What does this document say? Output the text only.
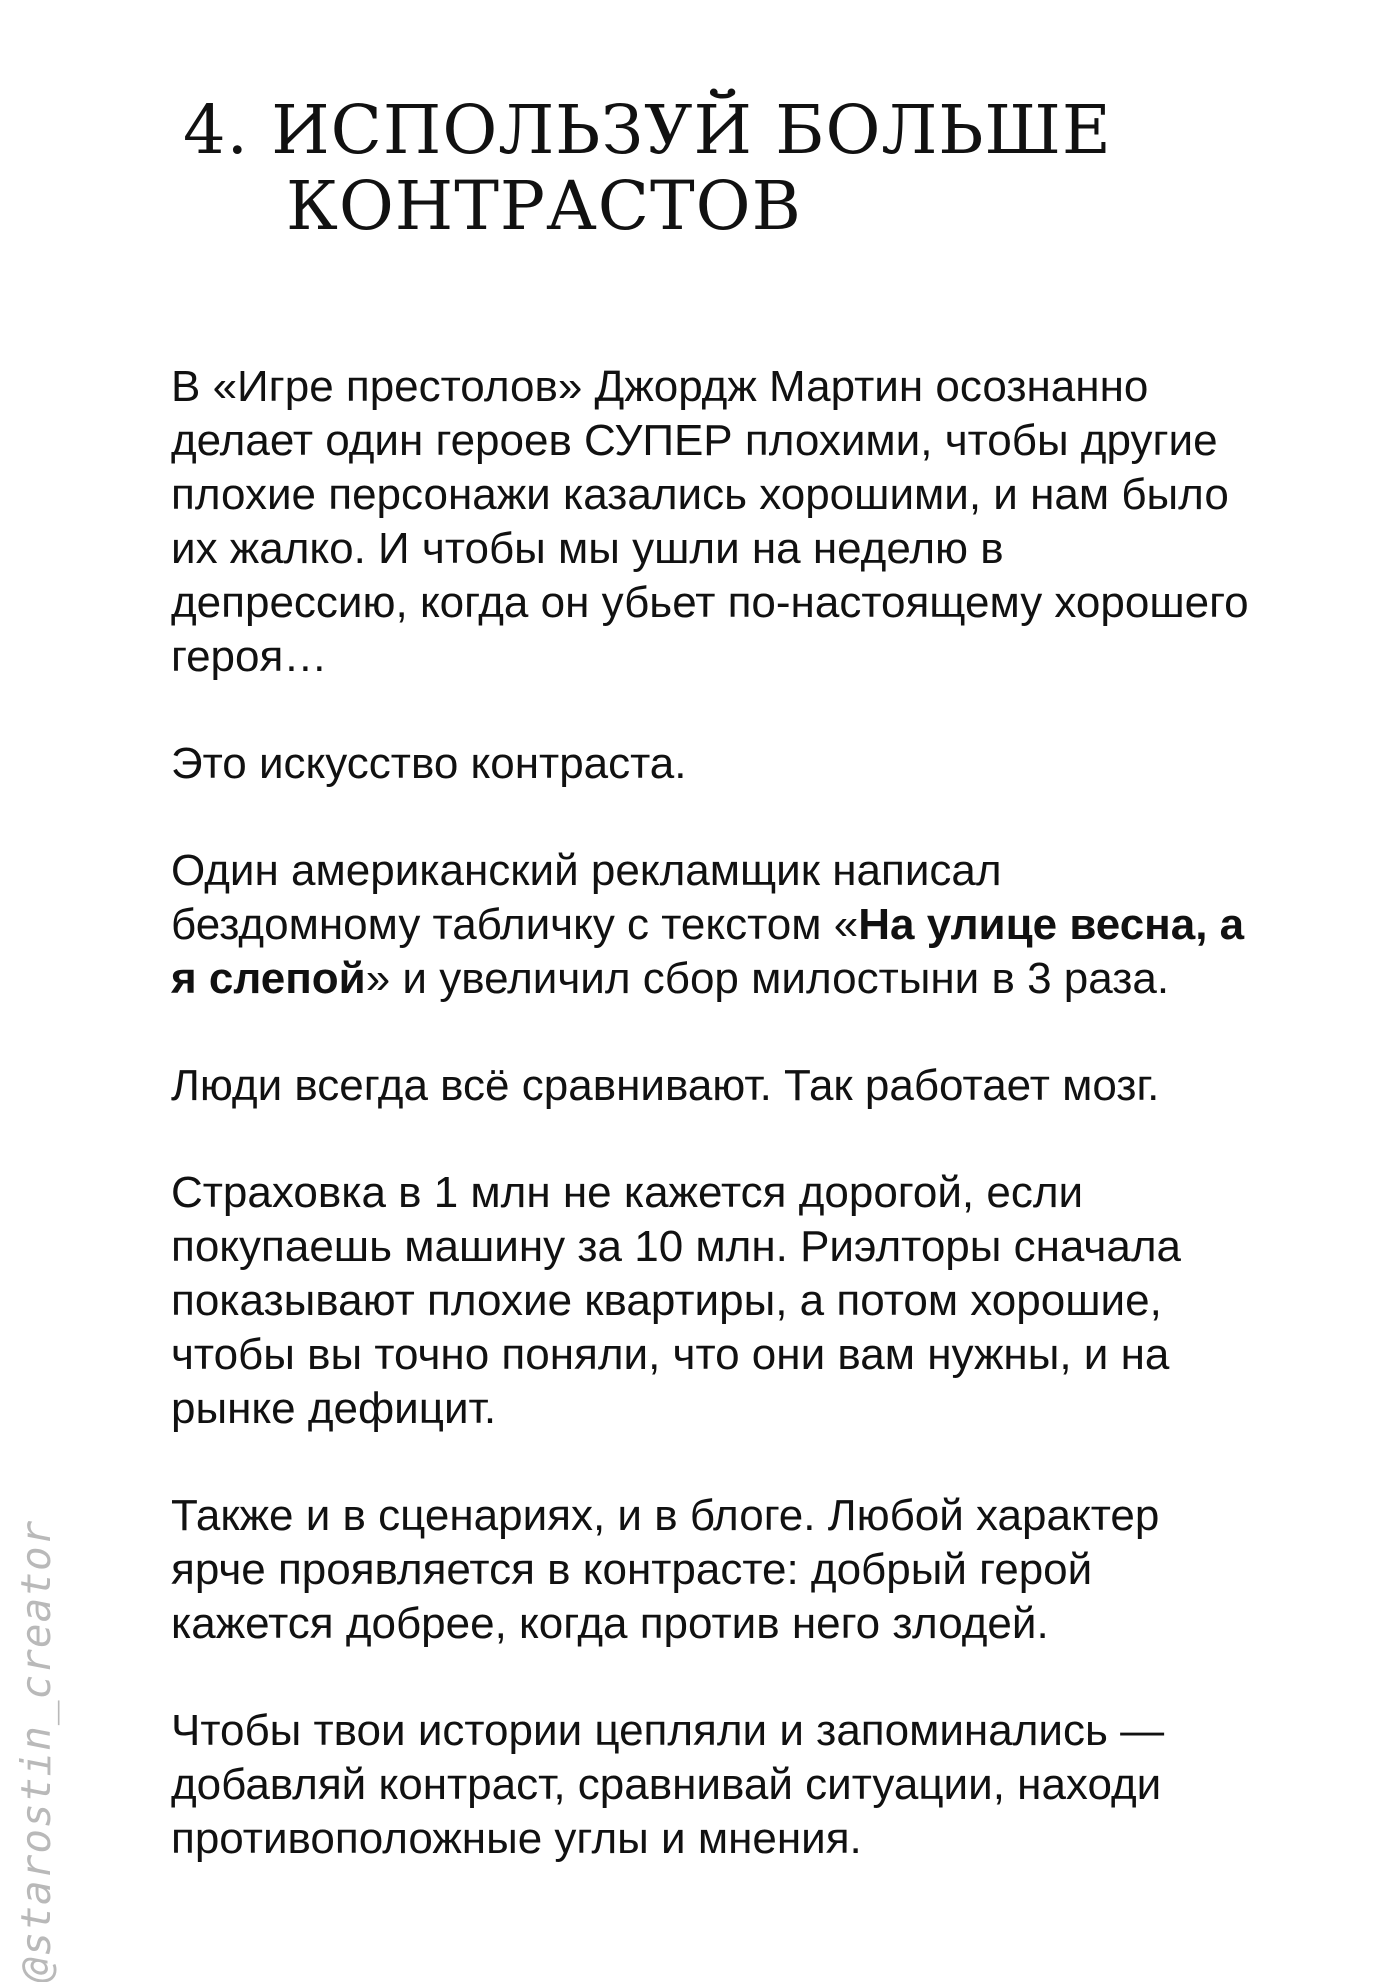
4. ИСПОЛЬЗУЙ БОЛЬШЕ
КОНТРАСТОВ

В «Игре престолов» Джордж Мартин осознанно
делает один героев СУПЕР плохими, чтобы другие
плохие персонажи казались хорошими, и нам было
их жалко. И чтобы мы ушли на неделю в
депрессию, когда он убьет по-настоящему хорошего
героя…

Это искусство контраста.

Один американский рекламщик написал
бездомному табличку с текстом «На улице весна, а
я слепой» и увеличил сбор милостыни в 3 раза.

Люди всегда всё сравнивают. Так работает мозг.

Страховка в 1 млн не кажется дорогой, если
покупаешь машину за 10 млн. Риэлторы сначала
показывают плохие квартиры, а потом хорошие,
чтобы вы точно поняли, что они вам нужны, и на
рынке дефицит.

Также и в сценариях, и в блоге. Любой характер
ярче проявляется в контрасте: добрый герой
кажется добрее, когда против него злодей.

Чтобы твои истории цепляли и запоминались —
добавляй контраст, сравнивай ситуации, находи
противоположные углы и мнения.

@starostin_creator
